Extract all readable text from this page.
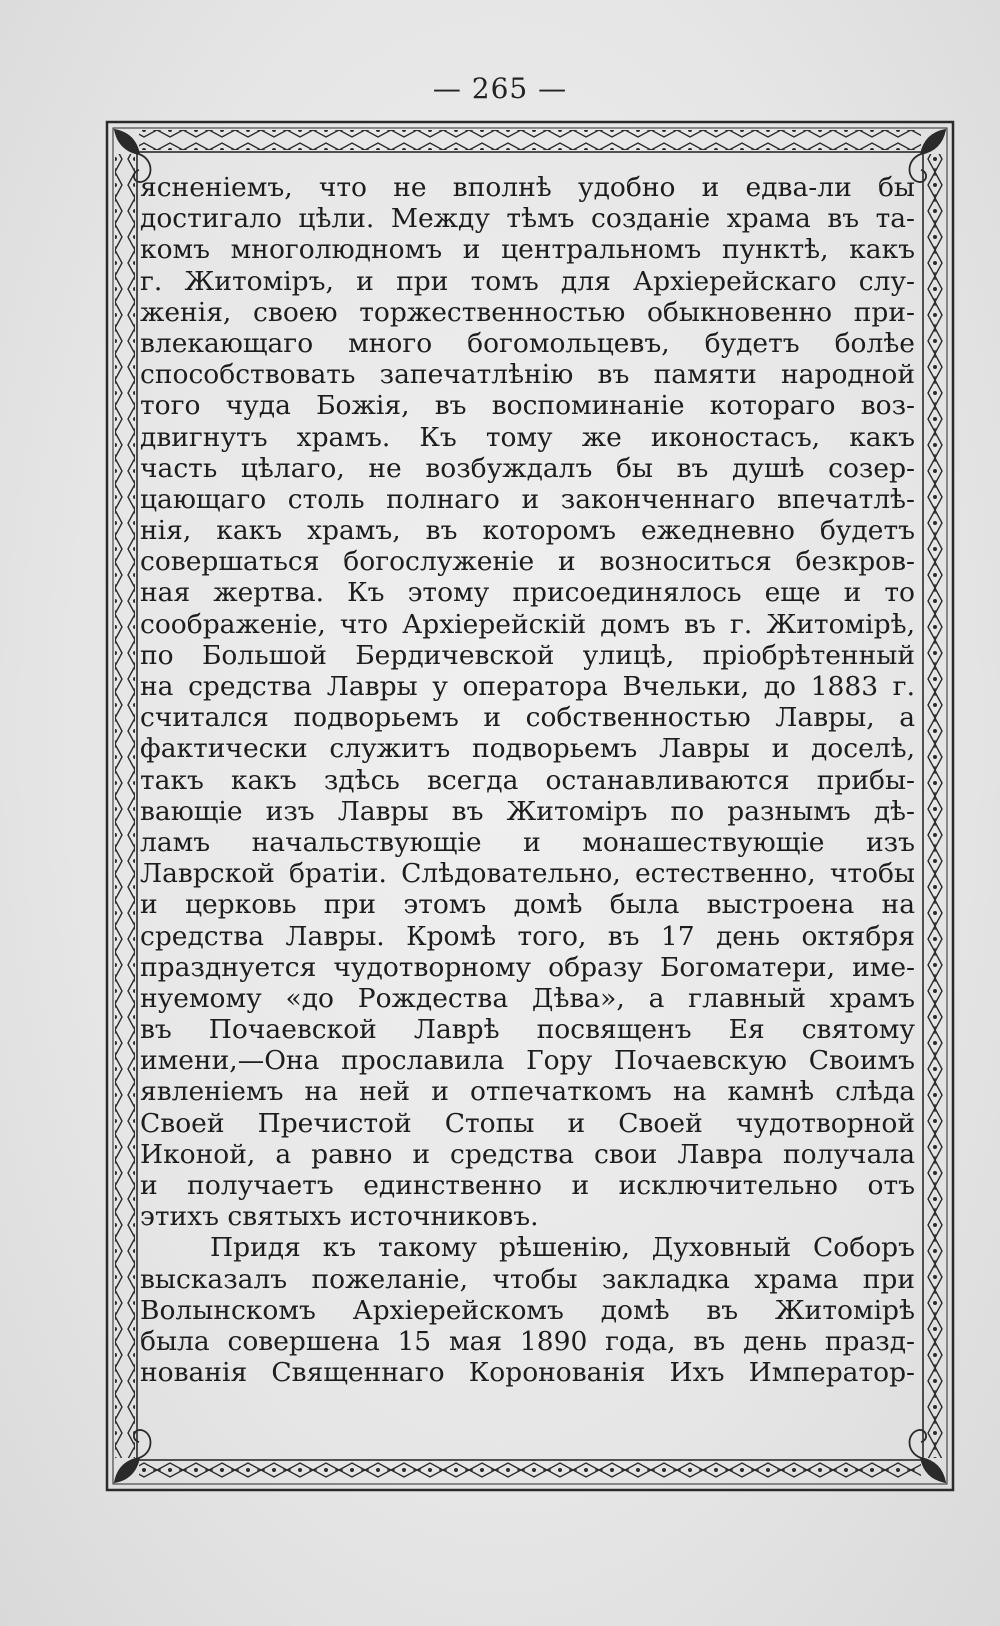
— 265 —
ясненіемъ, что не вполнѣ удобно и едва-ли бы
достигало цѣли. Между тѣмъ созданіе храма въ та-
комъ многолюдномъ и центральномъ пунктѣ, какъ
г. Житоміръ, и при томъ для Архіерейскаго слу-
женія, своею торжественностью обыкновенно при-
влекающаго много богомольцевъ, будетъ болѣе
способствовать запечатлѣнію въ памяти народной
того чуда Божія, въ воспоминаніе котораго воз-
двигнутъ храмъ. Къ тому же иконостасъ, какъ
часть цѣлаго, не возбуждалъ бы въ душѣ созер-
цающаго столь полнаго и законченнаго впечатлѣ-
нія, какъ храмъ, въ которомъ ежедневно будетъ
совершаться богослуженіе и возноситься безкров-
ная жертва. Къ этому присоединялось еще и то
соображеніе, что Архіерейскій домъ въ г. Житомірѣ,
по Большой Бердичевской улицѣ, пріобрѣтенный
на средства Лавры у оператора Вчельки, до 1883 г.
считался подворьемъ и собственностью Лавры, а
фактически служитъ подворьемъ Лавры и доселѣ,
такъ какъ здѣсь всегда останавливаются прибы-
вающіе изъ Лавры въ Житоміръ по разнымъ дѣ-
ламъ начальствующіе и монашествующіе изъ
Лаврской братіи. Слѣдовательно, естественно, чтобы
и церковь при этомъ домѣ была выстроена на
средства Лавры. Кромѣ того, въ 17 день октября
празднуется чудотворному образу Богоматери, име-
нуемому «до Рождества Дѣва», а главный храмъ
въ Почаевской Лаврѣ посвященъ Ея святому
имени,—Она прославила Гору Почаевскую Своимъ
явленіемъ на ней и отпечаткомъ на камнѣ слѣда
Своей Пречистой Стопы и Своей чудотворной
Иконой, а равно и средства свои Лавра получала
и получаетъ единственно и исключительно отъ
этихъ святыхъ источниковъ.
Придя къ такому рѣшенію, Духовный Соборъ
высказалъ пожеланіе, чтобы закладка храма при
Волынскомъ Архіерейскомъ домѣ въ Житомірѣ
была совершена 15 мая 1890 года, въ день празд-
нованія Священнаго Коронованія Ихъ Император-
